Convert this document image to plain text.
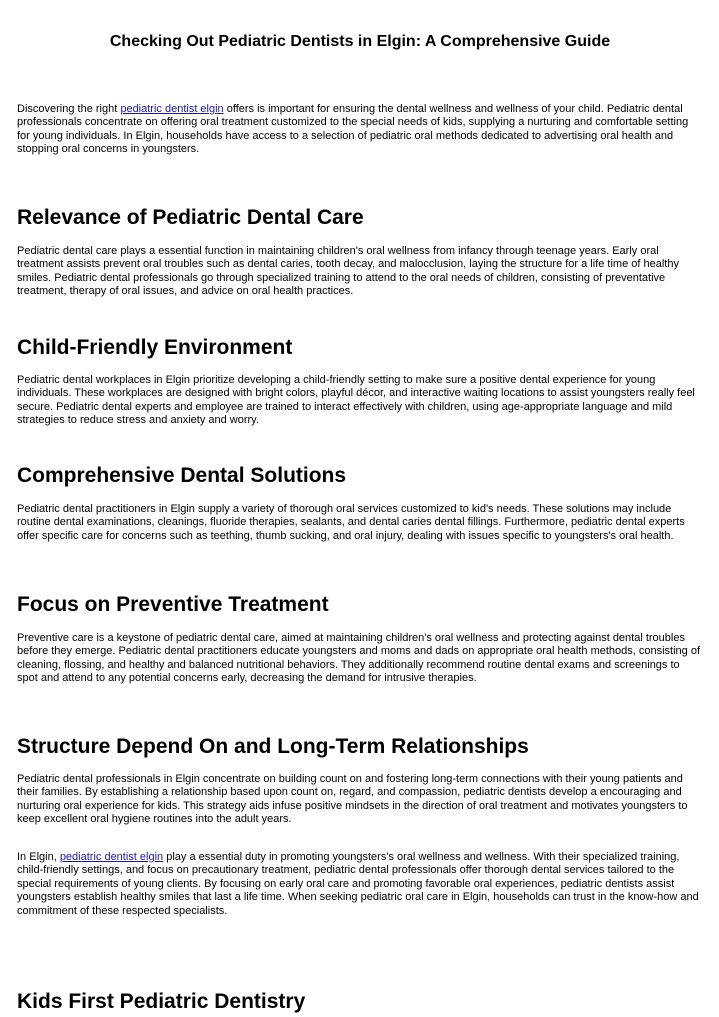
Checking Out Pediatric Dentists in Elgin: A Comprehensive Guide

Discovering the right pediatric dentist elgin offers is important for ensuring the dental wellness and wellness of your child. Pediatric dental professionals concentrate on offering oral treatment customized to the special needs of kids, supplying a nurturing and comfortable setting for young individuals. In Elgin, households have access to a selection of pediatric oral methods dedicated to advertising oral health and stopping oral concerns in youngsters.

Relevance of Pediatric Dental Care

Pediatric dental care plays a essential function in maintaining children's oral wellness from infancy through teenage years. Early oral treatment assists prevent oral troubles such as dental caries, tooth decay, and malocclusion, laying the structure for a life time of healthy smiles. Pediatric dental professionals go through specialized training to attend to the oral needs of children, consisting of preventative treatment, therapy of oral issues, and advice on oral health practices.

Child-Friendly Environment

Pediatric dental workplaces in Elgin prioritize developing a child-friendly setting to make sure a positive dental experience for young individuals. These workplaces are designed with bright colors, playful décor, and interactive waiting locations to assist youngsters really feel secure. Pediatric dental experts and employee are trained to interact effectively with children, using age-appropriate language and mild strategies to reduce stress and anxiety and worry.

Comprehensive Dental Solutions

Pediatric dental practitioners in Elgin supply a variety of thorough oral services customized to kid's needs. These solutions may include routine dental examinations, cleanings, fluoride therapies, sealants, and dental caries dental fillings. Furthermore, pediatric dental experts offer specific care for concerns such as teething, thumb sucking, and oral injury, dealing with issues specific to youngsters's oral health.

Focus on Preventive Treatment

Preventive care is a keystone of pediatric dental care, aimed at maintaining children's oral wellness and protecting against dental troubles before they emerge. Pediatric dental practitioners educate youngsters and moms and dads on appropriate oral health methods, consisting of cleaning, flossing, and healthy and balanced nutritional behaviors. They additionally recommend routine dental exams and screenings to spot and attend to any potential concerns early, decreasing the demand for intrusive therapies.

Structure Depend On and Long-Term Relationships

Pediatric dental professionals in Elgin concentrate on building count on and fostering long-term connections with their young patients and their families. By establishing a relationship based upon count on, regard, and compassion, pediatric dentists develop a encouraging and nurturing oral experience for kids. This strategy aids infuse positive mindsets in the direction of oral treatment and motivates youngsters to keep excellent oral hygiene routines into the adult years.

In Elgin, pediatric dentist elgin play a essential duty in promoting youngsters's oral wellness and wellness. With their specialized training, child-friendly settings, and focus on precautionary treatment, pediatric dental professionals offer thorough dental services tailored to the special requirements of young clients. By focusing on early oral care and promoting favorable oral experiences, pediatric dentists assist youngsters establish healthy smiles that last a life time. When seeking pediatric oral care in Elgin, households can trust in the know-how and commitment of these respected specialists.

Kids First Pediatric Dentistry
